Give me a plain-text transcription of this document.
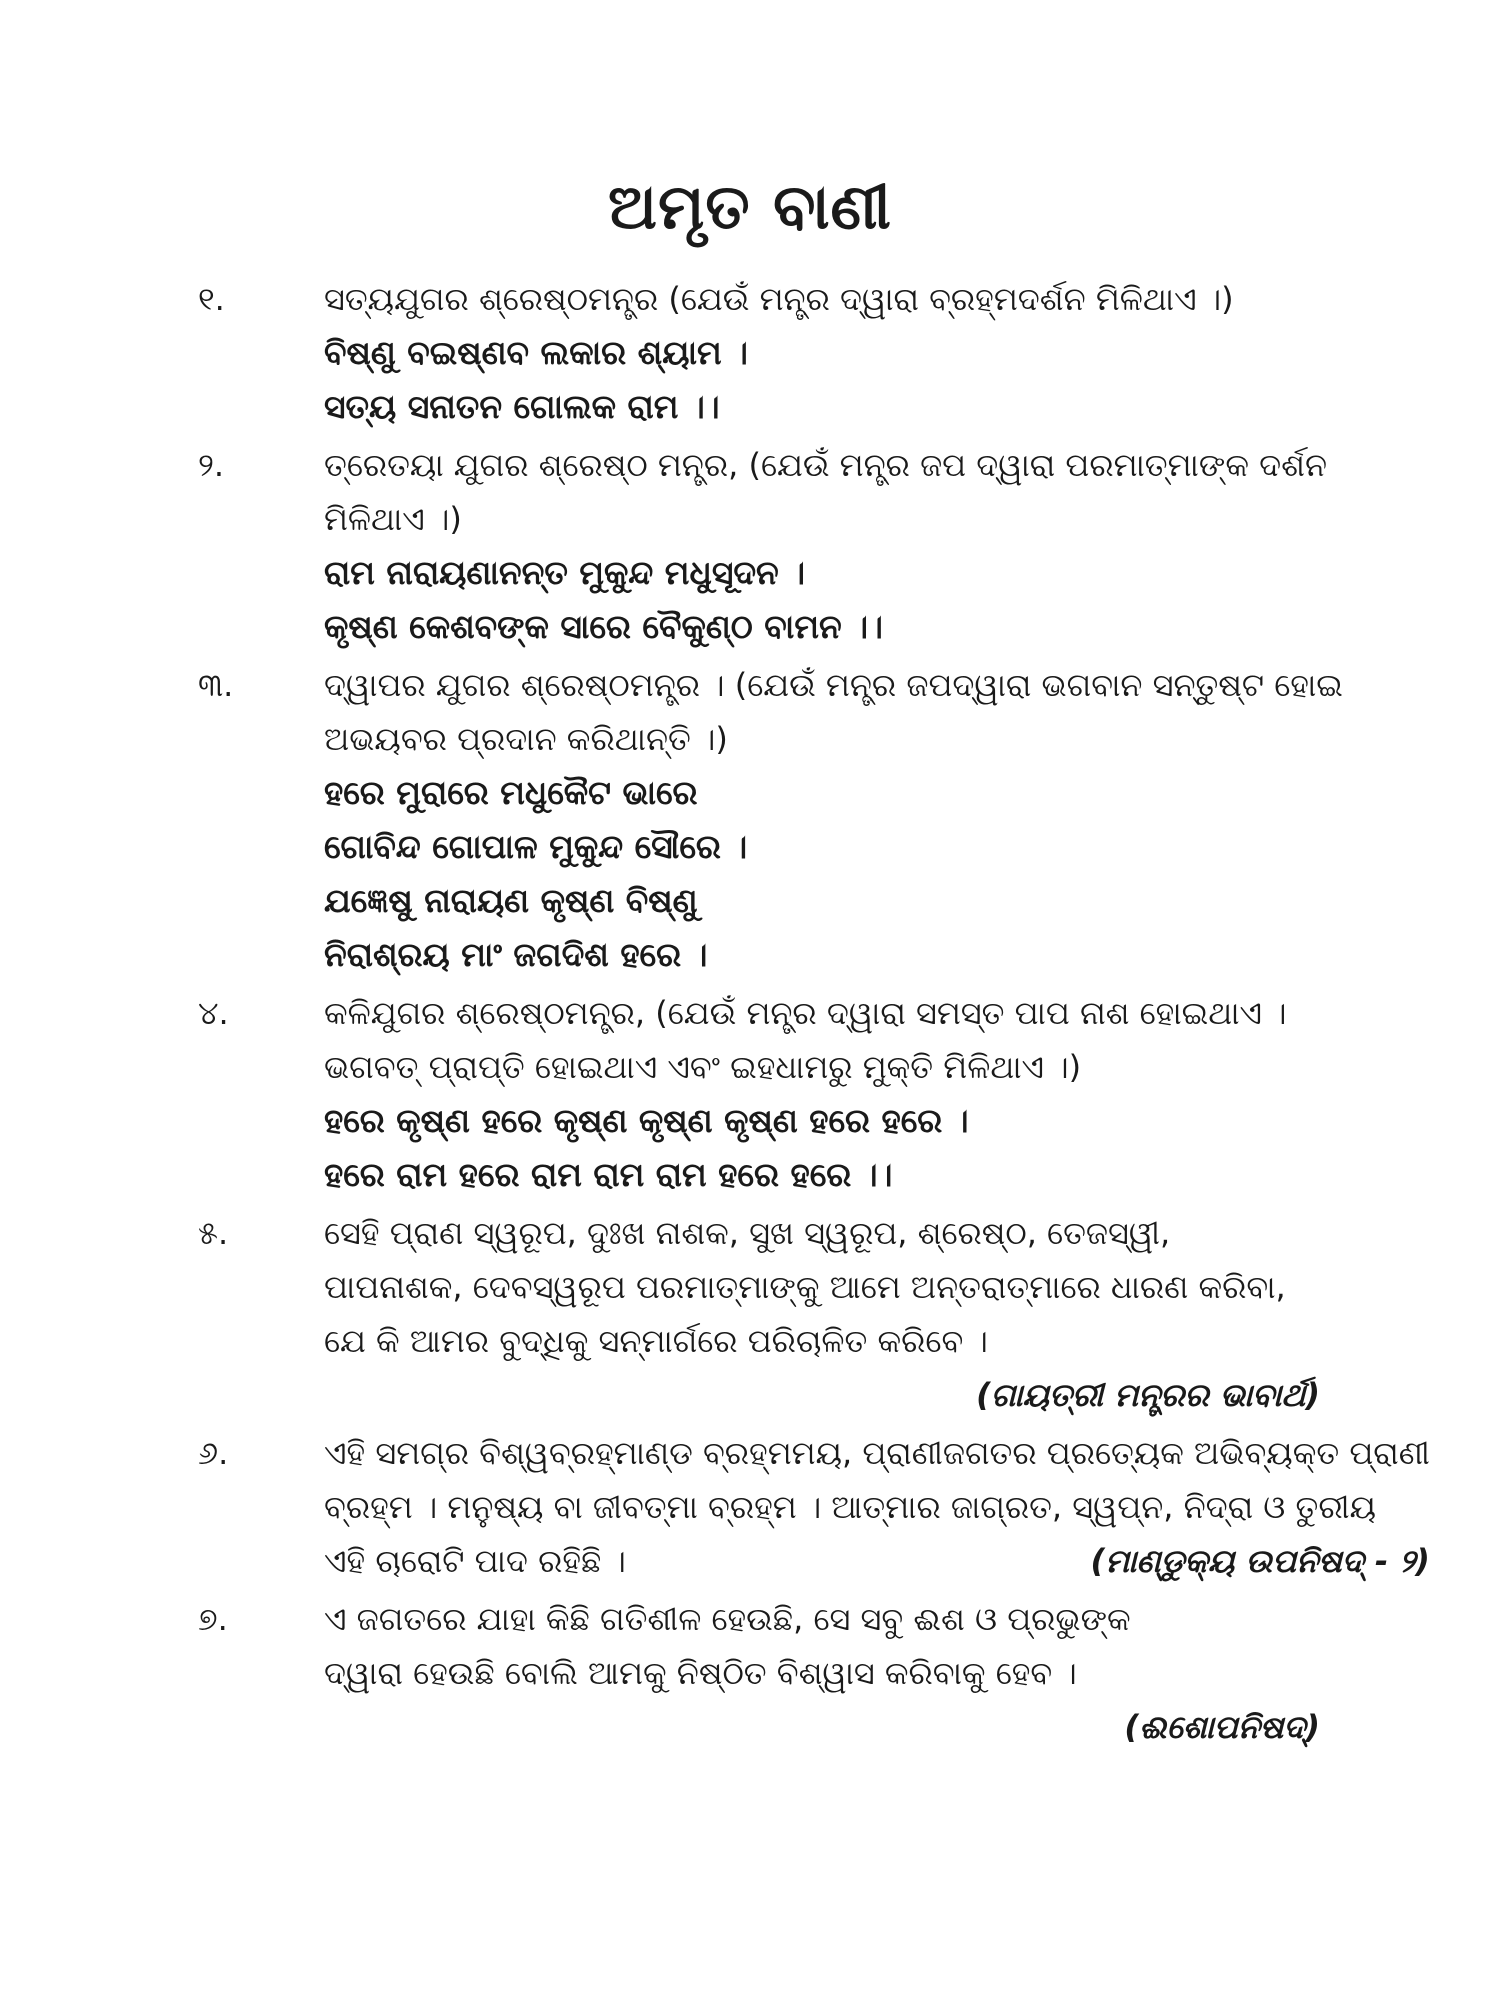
ଅମୃତ ବାଣୀ
୧.	ସତ୍ୟଯୁଗର ଶ୍ରେଷ୍ଠମନ୍ତ୍ର (ଯେଉଁ ମନ୍ତ୍ର ଦ୍ୱାରା ବ୍ରହ୍ମଦର୍ଶନ ମିଳିଥାଏ ।)
ବିଷ୍ଣୁ ବଇଷ୍ଣବ ଲକାର ଶ୍ୟାମ ।
ସତ୍ୟ ସନାତନ ଗୋଲକ ରାମ ।।
୨.	ତ୍ରେତୟା ଯୁଗର ଶ୍ରେଷ୍ଠ ମନ୍ତ୍ର, (ଯେଉଁ ମନ୍ତ୍ର ଜପ ଦ୍ୱାରା ପରମାତ୍ମାଙ୍କ ଦର୍ଶନ
ମିଳିଥାଏ ।)
ରାମ ନାରାୟଣାନନ୍ତ ମୁକୁନ୍ଦ ମଧୁସୂଦନ ।
କୃଷ୍ଣ କେଶବଙ୍କ ସାରେ ବୈକୁଣ୍ଠ ବାମନ ।।
୩.	ଦ୍ୱାପର ଯୁଗର ଶ୍ରେଷ୍ଠମନ୍ତ୍ର । (ଯେଉଁ ମନ୍ତ୍ର ଜପଦ୍ୱାରା ଭଗବାନ ସନ୍ତୁଷ୍ଟ ହୋଇ
ଅଭୟବର ପ୍ରଦାନ କରିଥାନ୍ତି ।)
ହରେ ମୁରାରେ ମଧୁକୈଟ ଭାରେ
ଗୋବିନ୍ଦ ଗୋପାଳ ମୁକୁନ୍ଦ ସୌରେ ।
ଯଜ୍ଞେଷୁ ନାରାୟଣ କୃଷ୍ଣ ବିଷ୍ଣୁ
ନିରାଶ୍ରୟ ମାଂ ଜଗଦିଶ ହରେ ।
୪.	କଳିଯୁଗର ଶ୍ରେଷ୍ଠମନ୍ତ୍ର, (ଯେଉଁ ମନ୍ତ୍ର ଦ୍ୱାରା ସମସ୍ତ ପାପ ନାଶ ହୋଇଥାଏ ।
ଭଗବତ୍ ପ୍ରାପ୍ତି ହୋଇଥାଏ ଏବଂ ଇହଧାମରୁ ମୁକ୍ତି ମିଳିଥାଏ ।)
ହରେ କୃଷ୍ଣ ହରେ କୃଷ୍ଣ କୃଷ୍ଣ କୃଷ୍ଣ ହରେ ହରେ ।
ହରେ ରାମ ହରେ ରାମ ରାମ ରାମ ହରେ ହରେ ।।
୫.	ସେହି ପ୍ରାଣ ସ୍ୱରୂପ, ଦୁଃଖ ନାଶକ, ସୁଖ ସ୍ୱରୂପ, ଶ୍ରେଷ୍ଠ, ତେଜସ୍ୱୀ,
ପାପନାଶକ, ଦେବସ୍ୱରୂପ ପରମାତ୍ମାଙ୍କୁ ଆମେ ଅନ୍ତରାତ୍ମାରେ ଧାରଣ କରିବା,
ଯେ କି ଆମର ବୁଦ୍ଧିକୁ ସନ୍ମାର୍ଗରେ ପରିଚାଳିତ କରିବେ ।
(ଗାୟତ୍ରୀ ମନ୍ତ୍ରର ଭାବାର୍ଥ)
୬.	ଏହି ସମଗ୍ର ବିଶ୍ୱବ୍ରହ୍ମାଣ୍ଡ ବ୍ରହ୍ମମୟ, ପ୍ରାଣୀଜଗତର ପ୍ରତ୍ୟେକ ଅଭିବ୍ୟକ୍ତ ପ୍ରାଣୀ
ବ୍ରହ୍ମ । ମନୁଷ୍ୟ ବା ଜୀବତ୍ମା ବ୍ରହ୍ମ । ଆତ୍ମାର ଜାଗ୍ରତ, ସ୍ୱପ୍ନ, ନିଦ୍ରା ଓ ତୁରୀୟ
ଏହି ଚାରୋଟି ପାଦ ରହିଛି ।	(ମାଣ୍ଡୁକ୍ୟ ଉପନିଷଦ୍ - ୨)
୭.	ଏ ଜଗତରେ ଯାହା କିଛି ଗତିଶୀଳ ହେଉଛି, ସେ ସବୁ ଈଶ ଓ ପ୍ରଭୁଙ୍କ
ଦ୍ୱାରା ହେଉଛି ବୋଲି ଆମକୁ ନିଷ୍ଠିତ ବିଶ୍ୱାସ କରିବାକୁ ହେବ ।
(ଈଶୋପନିଷଦ୍)
